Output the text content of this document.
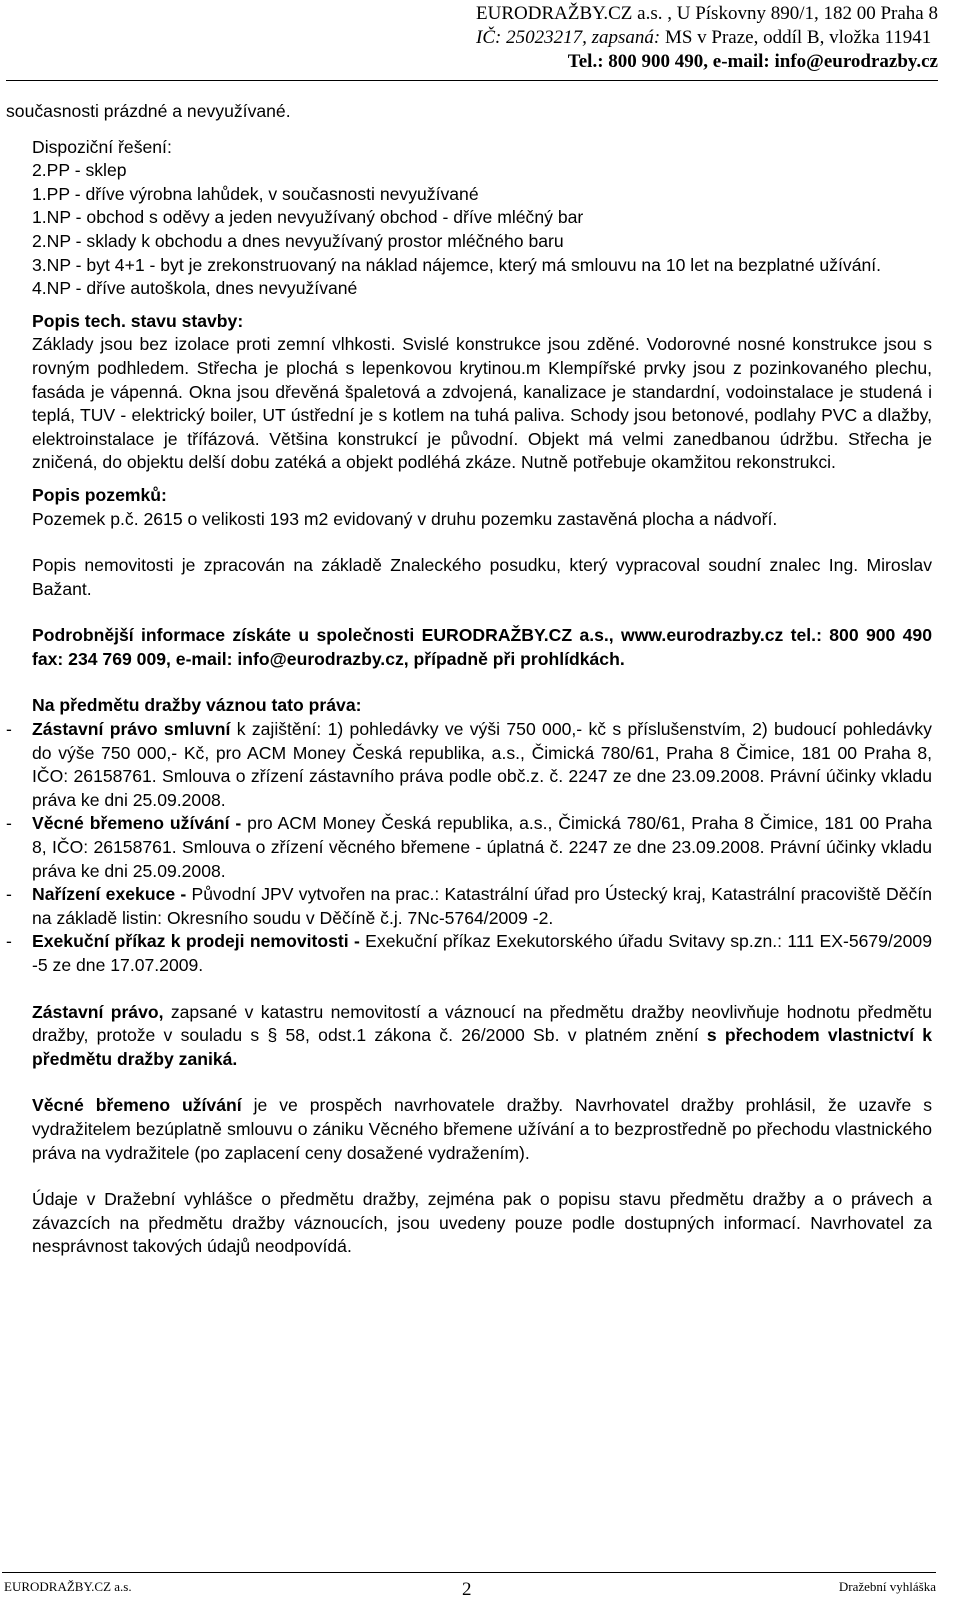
EURODRAŽBY.CZ a.s. , U Pískovny 890/1, 182 00 Praha 8
IČ: 25023217, zapsaná: MS v Praze, oddíl B, vložka 11941
Tel.: 800 900 490, e-mail: info@eurodrazby.cz

současnosti prázdné a nevyužívané.

Dispoziční řešení:

2.PP - sklep

1.PP - dříve výrobna lahůdek, v současnosti nevyužívané

1.NP - obchod s oděvy a jeden nevyužívaný obchod - dříve mléčný bar

2.NP - sklady k obchodu a dnes nevyužívaný prostor mléčného baru

3.NP - byt 4+1 - byt je zrekonstruovaný na náklad nájemce, který má smlouvu na 10 let na bezplatné užívání.

4.NP - dříve autoškola, dnes nevyužívané

Popis tech. stavu stavby:

Základy jsou bez izolace proti zemní vlhkosti. Svislé konstrukce jsou zděné. Vodorovné nosné konstrukce jsou s rovným podhledem. Střecha je plochá s lepenkovou krytinou.m Klempířské prvky jsou z pozinkovaného plechu, fasáda je vápenná. Okna jsou dřevěná špaletová a zdvojená, kanalizace je standardní, vodoinstalace je studená i teplá, TUV - elektrický boiler, UT ústřední je s kotlem na tuhá paliva. Schody jsou betonové, podlahy PVC a dlažby, elektroinstalace je třífázová. Většina konstrukcí je původní. Objekt má velmi zanedbanou údržbu. Střecha je zničená, do objektu delší dobu zatéká a objekt podléhá zkáze. Nutně potřebuje okamžitou rekonstrukci.

Popis pozemků:

Pozemek p.č. 2615 o velikosti 193 m2 evidovaný v druhu pozemku zastavěná plocha a nádvoří.

Popis nemovitosti je zpracován na základě Znaleckého posudku, který vypracoval soudní znalec Ing. Miroslav Bažant.

Podrobnější informace získáte u společnosti EURODRAŽBY.CZ a.s., www.eurodrazby.cz tel.: 800 900 490 fax: 234 769 009, e-mail: info@eurodrazby.cz, případně při prohlídkách.

Na předmětu dražby váznou tato práva:

- Zástavní právo smluvní k zajištění: 1) pohledávky ve výši 750 000,- kč s příslušenstvím, 2) budoucí pohledávky do výše 750 000,- Kč, pro ACM Money Česká republika, a.s., Čimická 780/61, Praha 8 Čimice, 181 00 Praha 8, IČO: 26158761. Smlouva o zřízení zástavního práva podle obč.z. č. 2247 ze dne 23.09.2008. Právní účinky vkladu práva ke dni 25.09.2008.
- Věcné břemeno užívání - pro ACM Money Česká republika, a.s., Čimická 780/61, Praha 8 Čimice, 181 00 Praha 8, IČO: 26158761. Smlouva o zřízení věcného břemene - úplatná č. 2247 ze dne 23.09.2008. Právní účinky vkladu práva ke dni 25.09.2008.
- Nařízení exekuce - Původní JPV vytvořen na prac.: Katastrální úřad pro Ústecký kraj, Katastrální pracoviště Děčín na základě listin: Okresního soudu v Děčíně č.j. 7Nc-5764/2009 -2.
- Exekuční příkaz k prodeji nemovitosti - Exekuční příkaz Exekutorského úřadu Svitavy sp.zn.: 111 EX-5679/2009 -5 ze dne 17.07.2009.

Zástavní právo, zapsané v katastru nemovitostí a váznoucí na předmětu dražby neovlivňuje hodnotu předmětu dražby, protože v souladu s § 58, odst.1 zákona č. 26/2000 Sb. v platném znění s přechodem vlastnictví k předmětu dražby zaniká.

Věcné břemeno užívání je ve prospěch navrhovatele dražby. Navrhovatel dražby prohlásil, že uzavře s vydražitelem bezúplatně smlouvu o zániku Věcného břemene užívání a to bezprostředně po přechodu vlastnického práva na vydražitele (po zaplacení ceny dosažené vydražením).

Údaje v Dražební vyhlášce o předmětu dražby, zejména pak o popisu stavu předmětu dražby a o právech a závazcích na předmětu dražby váznoucích, jsou uvedeny pouze podle dostupných informací. Navrhovatel za nesprávnost takových údajů neodpovídá.

EURODRAŽBY.CZ a.s.	2	Dražební vyhláška
